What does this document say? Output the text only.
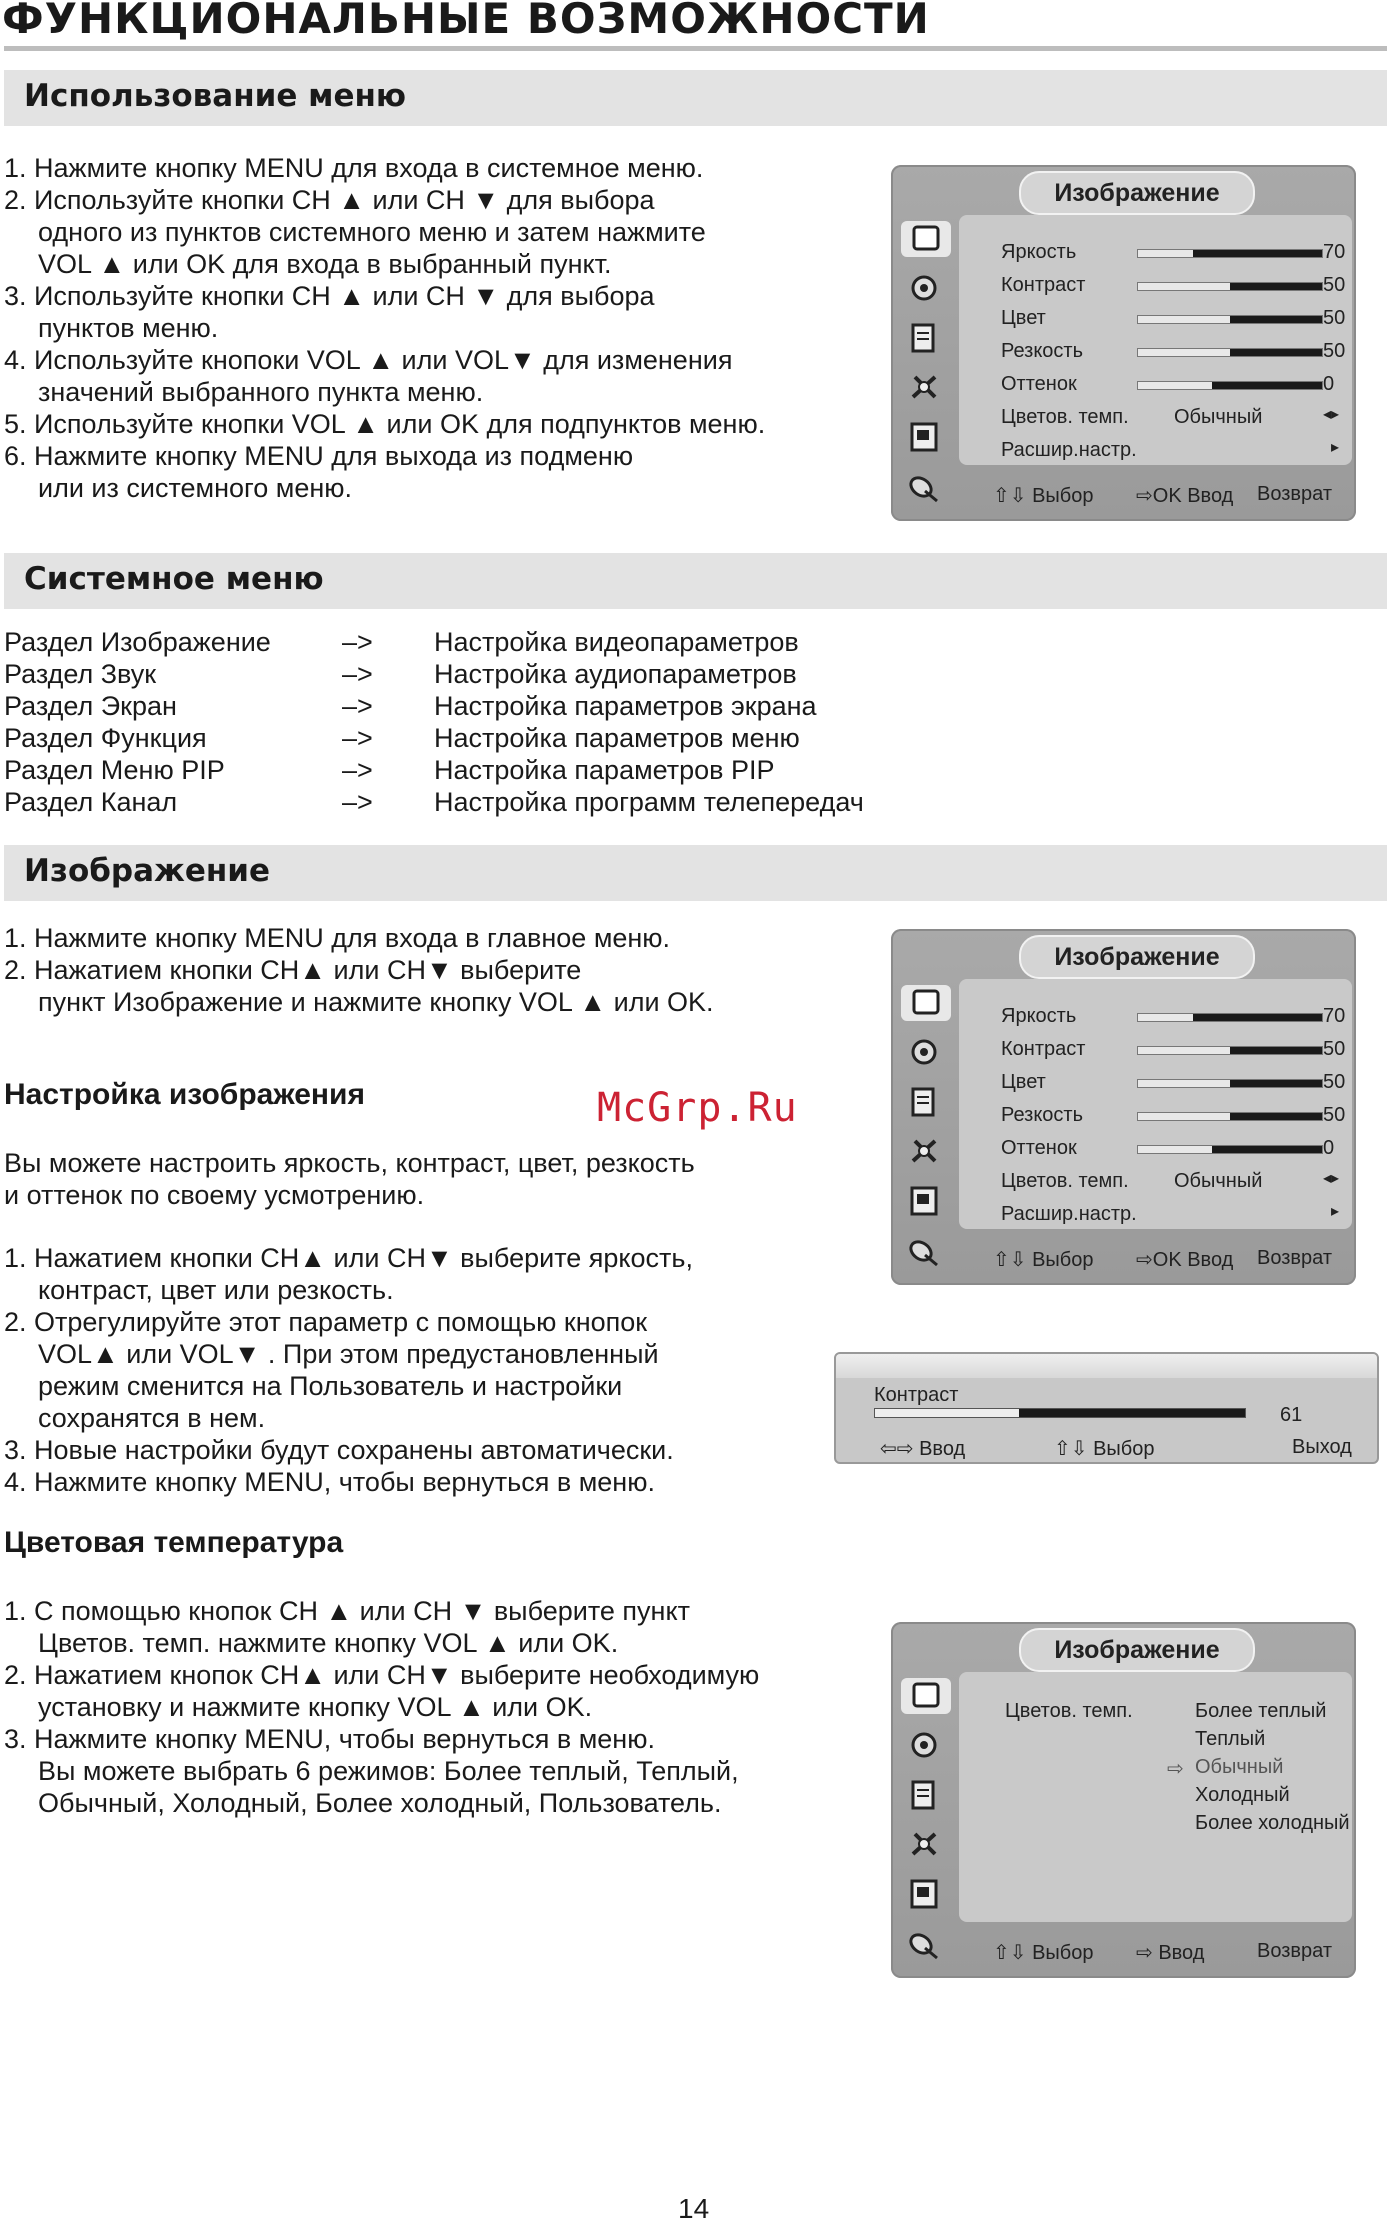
ФУНКЦИОНАЛЬНЫЕ ВОЗМОЖНОСТИ
Использование меню

1. Нажмите кнопку MENU для входа в системное меню.

2. Используйте кнопки CH ▲ или CH ▼ для выбора

одного из пунктов системного меню и затем нажмите

VOL ▲ или OK для входа в выбранный пункт.

3. Используйте кнопки CH ▲ или CH ▼ для выбора

пунктов меню.

4. Используйте кнопоки VOL ▲ или VOL▼ для изменения

значений выбранного пункта меню.

5. Используйте кнопки VOL ▲ или OK для подпунктов меню.

6. Нажмите кнопку MENU для выхода из подменю

или из системного меню.

Изображение
Яркость	70
Контраст	50
Цвет	50
Резкость	50
Оттенок	0
Цветов. темп. Обычный	◂▸
Расшир.настр.	▸
⇧⇩ Выбор ⇨OK Ввод Возврат
Системное меню
Раздел Изображение	–> Настройка видеопараметров
Раздел Звук	–> Настройка аудиопараметров
Раздел Экран	–> Настройка параметров экрана
Раздел Функция	–> Настройка параметров меню
Раздел Меню PIP	–> Настройка параметров PIP
Раздел Канал	–> Настройка программ телепередач
Изображение

1. Нажмите кнопку MENU для входа в главное меню.

2. Нажатием кнопки CH▲ или CH▼ выберите

пункт Изображение и нажмите кнопку VOL ▲ или OK.

Настройка изображения	McGrp.Ru

Вы можете настроить яркость, контраст, цвет, резкость

и оттенок по своему усмотрению.

1. Нажатием кнопки CH▲ или CH▼ выберите яркость,

контраст, цвет или резкость.

2. Отрегулируйте этот параметр с помощью кнопок

VOL▲ или VOL▼ . При этом предустановленный

режим сменится на Пользователь и настройки

сохранятся в нем.

3. Новые настройки будут сохранены автоматически.

4. Нажмите кнопку MENU, чтобы вернуться в меню.

Изображение
Яркость	70
Контраст	50
Цвет	50
Резкость	50
Оттенок	0
Цветов. темп. Обычный	◂▸
Расшир.настр.	▸
⇧⇩ Выбор ⇨OK Ввод Возврат
Контраст
61
⇦⇨ Ввод	⇧⇩ Выбор	Выход
Цветовая температура

1. С помощью кнопок CH ▲ или CH ▼ выберите пункт

Цветов. темп. нажмите кнопку VOL ▲ или OK.

2. Нажатием кнопок CH▲ или CH▼ выберите необходимую

установку и нажмите кнопку VOL ▲ или OK.

3. Нажмите кнопку MENU, чтобы вернуться в меню.

Вы можете выбрать 6 режимов: Более теплый, Теплый,

Обычный, Холодный, Более холодный, Пользователь.

Изображение
Цветов. темп.	Более теплый
Теплый
⇨ Обычный
Холодный
Более холодный
⇧⇩ Выбор ⇨ Ввод	Возврат
14
